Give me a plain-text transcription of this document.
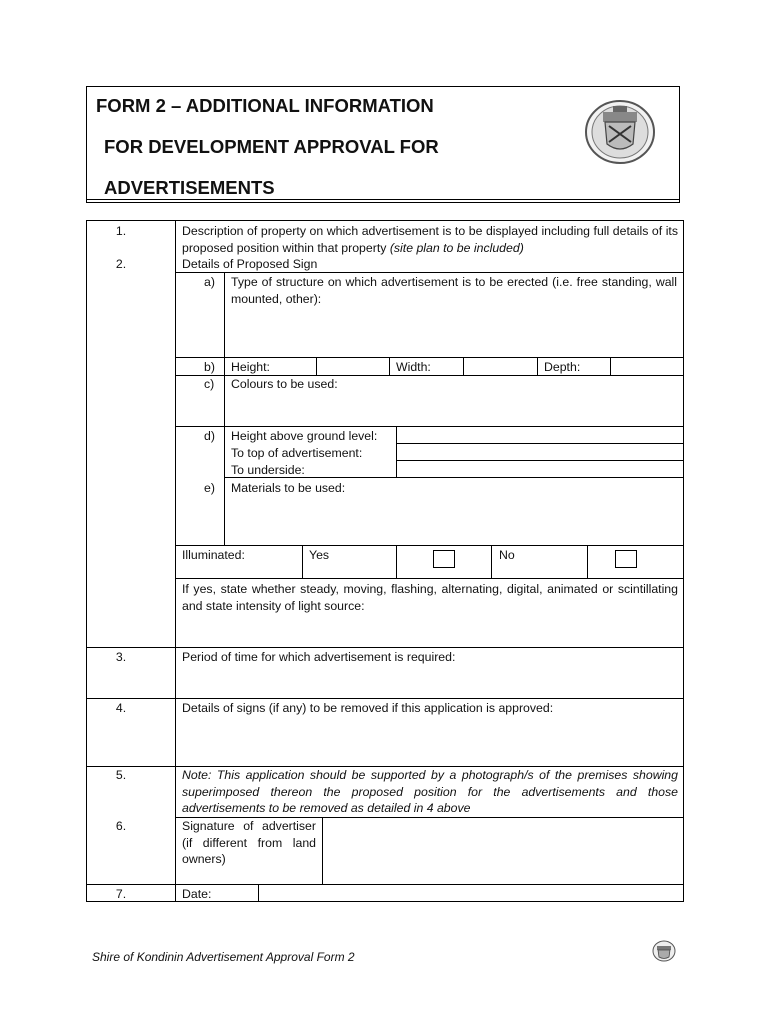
FORM 2 – ADDITIONAL INFORMATION
FOR DEVELOPMENT APPROVAL FOR
ADVERTISEMENTS
1.	Description of property on which advertisement is to be displayed including full details of its proposed position within that property (site plan to be included)
2.	Details of Proposed Sign
a) Type of structure on which advertisement is to be erected (i.e. free standing, wall mounted, other):
b) Height:	Width:	Depth:
c) Colours to be used:
d) Height above ground level:
To top of advertisement:
To underside:
e) Materials to be used:
Illuminated:	Yes	No
If yes, state whether steady, moving, flashing, alternating, digital, animated or scintillating and state intensity of light source:
3.	Period of time for which advertisement is required:
4.	Details of signs (if any) to be removed if this application is approved:
5.	Note: This application should be supported by a photograph/s of the premises showing superimposed thereon the proposed position for the advertisements and those advertisements to be removed as detailed in 4 above
6.	Signature of advertiser (if different from land owners)
7.	Date:
Shire of Kondinin Advertisement Approval Form 2
